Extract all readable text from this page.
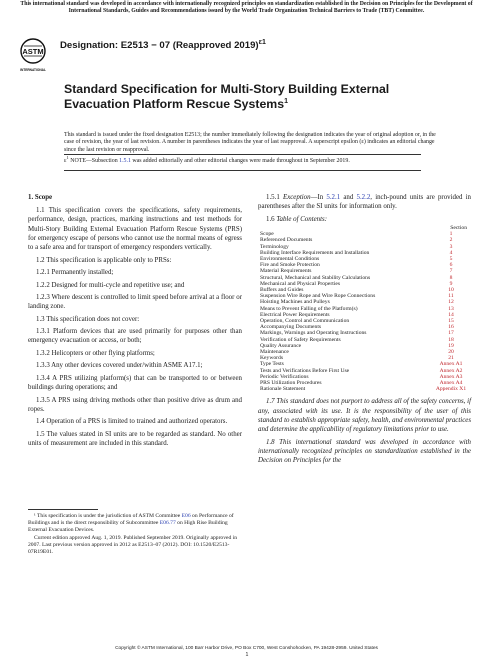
This international standard was developed in accordance with internationally recognized principles on standardization established in the Decision on Principles for the Development of International Standards, Guides and Recommendations issued by the World Trade Organization Technical Barriers to Trade (TBT) Committee.
ASTM
INTERNATIONAL
Designation: E2513 − 07 (Reapproved 2019)$^{\varepsilon 1}$
Standard Specification for Multi-Story Building External Evacuation Platform Rescue Systems$^1$
This standard is issued under the fixed designation E2513; the number immediately following the designation indicates the year of original adoption or, in the case of revision, the year of last revision. A number in parentheses indicates the year of last reapproval. A superscript epsilon (ε) indicates an editorial change since the last revision or reapproval.
$\varepsilon^1$ NOTE—Subsection 1.5.1 was added editorially and other editorial changes were made throughout in September 2019.

1. Scope

1.1 This specification covers the specifications, safety requirements, performance, design, practices, marking instructions and test methods for Multi-Story Building External Evacuation Platform Rescue Systems (PRS) for emergency escape of persons who cannot use the normal means of egress to a safe area and for transport of emergency responders vertically.

1.2 This specification is applicable only to PRSs:

1.2.1 Permanently installed;

1.2.2 Designed for multi-cycle and repetitive use; and

1.2.3 Where descent is controlled to limit speed before arrival at a floor or landing zone.

1.3 This specification does not cover:

1.3.1 Platform devices that are used primarily for purposes other than emergency evacuation or access, or both;

1.3.2 Helicopters or other flying platforms;

1.3.3 Any other devices covered under/within ASME A17.1;

1.3.4 A PRS utilizing platform(s) that can be transported to or between buildings during operations; and

1.3.5 A PRS using driving methods other than positive drive as drum and ropes.

1.4 Operation of a PRS is limited to trained and authorized operators.

1.5 The values stated in SI units are to be regarded as standard. No other units of measurement are included in this standard.

1.5.1 Exception—In 5.2.1 and 5.2.2, inch-pound units are provided in parentheses after the SI units for information only.

1.6 Table of Contents:

Section
Scope	1
Referenced Documents	2
Terminology	3
Building Interface Requirements and Installation	4
Environmental Conditions	5
Fire and Smoke Protection	6
Material Requirements	7
Structural, Mechanical and Stability Calculations	8
Mechanical and Physical Properties	9
Buffers and Guides	10
Suspension Wire Rope and Wire Rope Connections	11
Hoisting Machines and Pulleys	12
Means to Prevent Falling of the Platform(s)	13
Electrical Power Requirements	14
Operation, Control and Communication	15
Accompanying Documents	16
Markings, Warnings and Operating Instructions	17
Verification of Safety Requirements	18
Quality Assurance	19
Maintenance	20
Keywords	21
Type Tests	Annex A1
Tests and Verifications Before First Use	Annex A2
Periodic Verifications	Annex A3
PRS Utilization Procedures	Annex A4
Rationale Statement	Appendix X1

1.7 This standard does not purport to address all of the safety concerns, if any, associated with its use. It is the responsibility of the user of this standard to establish appropriate safety, health, and environmental practices and determine the applicability of regulatory limitations prior to use.

1.8 This international standard was developed in accordance with internationally recognized principles on standardization established in the Decision on Principles for the

¹ This specification is under the jurisdiction of ASTM Committee E06 on Performance of Buildings and is the direct responsibility of Subcommittee E06.77 on High Rise Building External Evacuation Devices.

Current edition approved Aug. 1, 2019. Published September 2019. Originally approved in 2007. Last previous version approved in 2012 as E2513–07 (2012). DOI: 10.1520/E2513-07R19E01.

Copyright © ASTM International, 100 Barr Harbor Drive, PO Box C700, West Conshohocken, PA 19428-2959. United States
1
